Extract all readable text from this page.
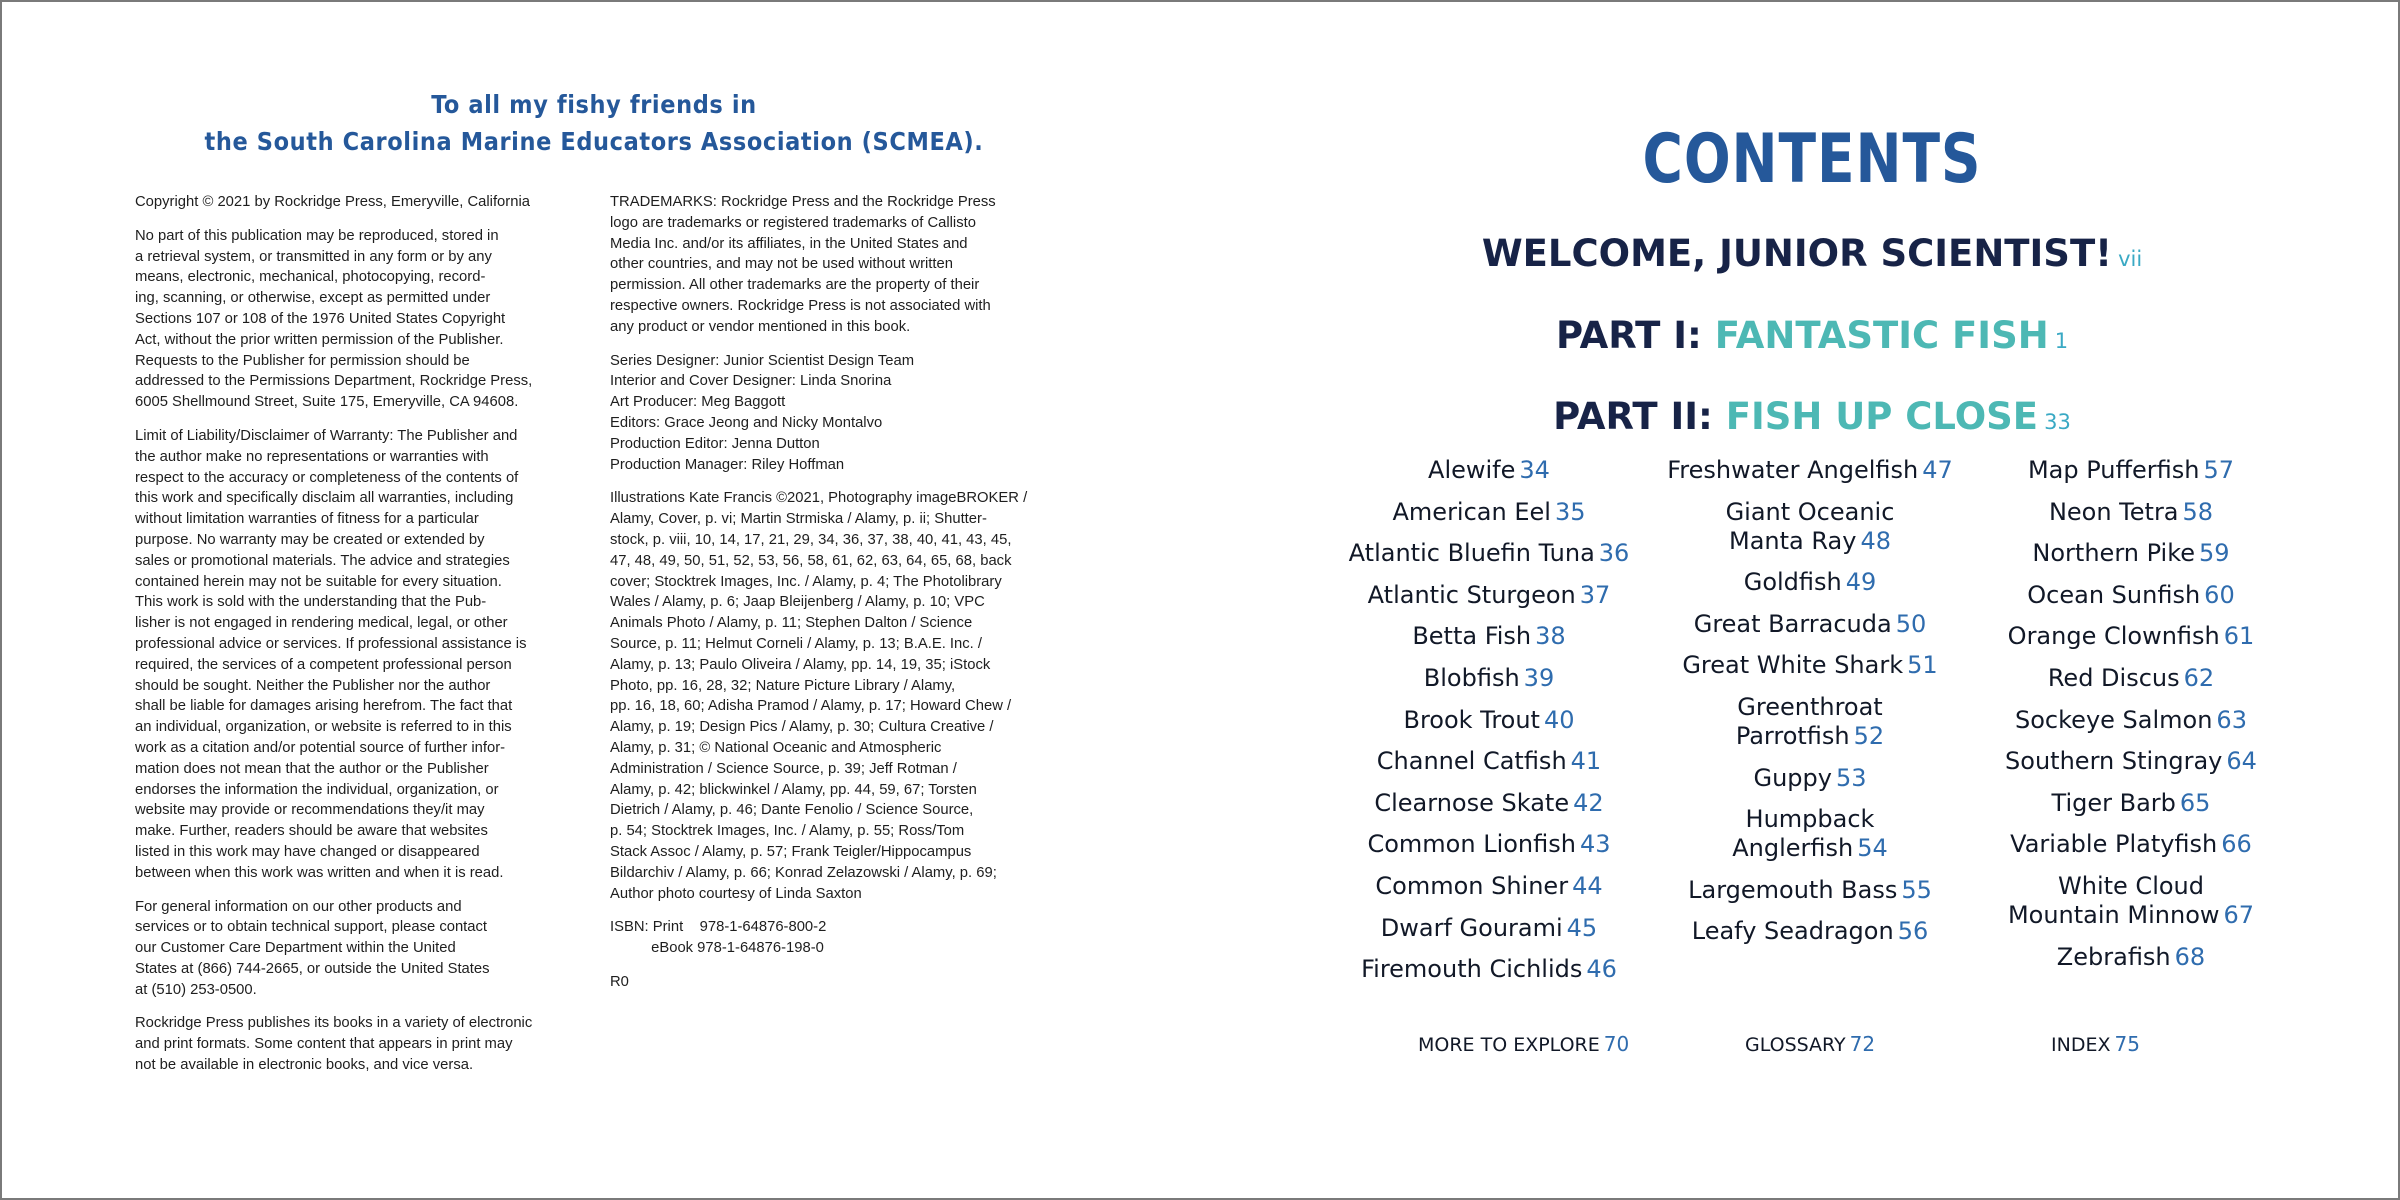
To all my fishy friends in
the South Carolina Marine Educators Association (SCMEA).

Copyright © 2021 by Rockridge Press, Emeryville, California

No part of this publication may be reproduced, stored in
a retrieval system, or transmitted in any form or by any
means, electronic, mechanical, photocopying, record-
ing, scanning, or otherwise, except as permitted under
Sections 107 or 108 of the 1976 United States Copyright
Act, without the prior written permission of the Publisher.
Requests to the Publisher for permission should be
addressed to the Permissions Department, Rockridge Press,
6005 Shellmound Street, Suite 175, Emeryville, CA 94608.

Limit of Liability/Disclaimer of Warranty: The Publisher and
the author make no representations or warranties with
respect to the accuracy or completeness of the contents of
this work and specifically disclaim all warranties, including
without limitation warranties of fitness for a particular
purpose. No warranty may be created or extended by
sales or promotional materials. The advice and strategies
contained herein may not be suitable for every situation.
This work is sold with the understanding that the Pub-
lisher is not engaged in rendering medical, legal, or other
professional advice or services. If professional assistance is
required, the services of a competent professional person
should be sought. Neither the Publisher nor the author
shall be liable for damages arising herefrom. The fact that
an individual, organization, or website is referred to in this
work as a citation and/or potential source of further infor-
mation does not mean that the author or the Publisher
endorses the information the individual, organization, or
website may provide or recommendations they/it may
make. Further, readers should be aware that websites
listed in this work may have changed or disappeared
between when this work was written and when it is read.

For general information on our other products and
services or to obtain technical support, please contact
our Customer Care Department within the United
States at (866) 744-2665, or outside the United States
at (510) 253-0500.

Rockridge Press publishes its books in a variety of electronic
and print formats. Some content that appears in print may
not be available in electronic books, and vice versa.

TRADEMARKS: Rockridge Press and the Rockridge Press
logo are trademarks or registered trademarks of Callisto
Media Inc. and/or its affiliates, in the United States and
other countries, and may not be used without written
permission. All other trademarks are the property of their
respective owners. Rockridge Press is not associated with
any product or vendor mentioned in this book.

Series Designer: Junior Scientist Design Team
Interior and Cover Designer: Linda Snorina
Art Producer: Meg Baggott
Editors: Grace Jeong and Nicky Montalvo
Production Editor: Jenna Dutton
Production Manager: Riley Hoffman

Illustrations Kate Francis ©2021, Photography imageBROKER /
Alamy, Cover, p. vi; Martin Strmiska / Alamy, p. ii; Shutter-
stock, p. viii, 10, 14, 17, 21, 29, 34, 36, 37, 38, 40, 41, 43, 45,
47, 48, 49, 50, 51, 52, 53, 56, 58, 61, 62, 63, 64, 65, 68, back
cover; Stocktrek Images, Inc. / Alamy, p. 4; The Photolibrary
Wales / Alamy, p. 6; Jaap Bleijenberg / Alamy, p. 10; VPC
Animals Photo / Alamy, p. 11; Stephen Dalton / Science
Source, p. 11; Helmut Corneli / Alamy, p. 13; B.A.E. Inc. /
Alamy, p. 13; Paulo Oliveira / Alamy, pp. 14, 19, 35; iStock
Photo, pp. 16, 28, 32; Nature Picture Library / Alamy,
pp. 16, 18, 60; Adisha Pramod / Alamy, p. 17; Howard Chew /
Alamy, p. 19; Design Pics / Alamy, p. 30; Cultura Creative /
Alamy, p. 31; © National Oceanic and Atmospheric
Administration / Science Source, p. 39; Jeff Rotman /
Alamy, p. 42; blickwinkel / Alamy, pp. 44, 59, 67; Torsten
Dietrich / Alamy, p. 46; Dante Fenolio / Science Source,
p. 54; Stocktrek Images, Inc. / Alamy, p. 55; Ross/Tom
Stack Assoc / Alamy, p. 57; Frank Teigler/Hippocampus
Bildarchiv / Alamy, p. 66; Konrad Zelazowski / Alamy, p. 69;
Author photo courtesy of Linda Saxton

ISBN: Print    978-1-64876-800-2
eBook 978-1-64876-198-0

R0

CONTENTS
WELCOME, JUNIOR SCIENTIST! vii
PART I: FANTASTIC FISH 1
PART II: FISH UP CLOSE 33
Alewife 34
American Eel 35
Atlantic Bluefin Tuna 36
Atlantic Sturgeon 37
Betta Fish 38
Blobfish 39
Brook Trout 40
Channel Catfish 41
Clearnose Skate 42
Common Lionfish 43
Common Shiner 44
Dwarf Gourami 45
Firemouth Cichlids 46
Freshwater Angelfish 47
Giant Oceanic
Manta Ray 48
Goldfish 49
Great Barracuda 50
Great White Shark 51
Greenthroat
Parrotfish 52
Guppy 53
Humpback
Anglerfish 54
Largemouth Bass 55
Leafy Seadragon 56
Map Pufferfish 57
Neon Tetra 58
Northern Pike 59
Ocean Sunfish 60
Orange Clownfish 61
Red Discus 62
Sockeye Salmon 63
Southern Stingray 64
Tiger Barb 65
Variable Platyfish 66
White Cloud
Mountain Minnow 67
Zebrafish 68
MORE TO EXPLORE 70	GLOSSARY 72	INDEX 75
